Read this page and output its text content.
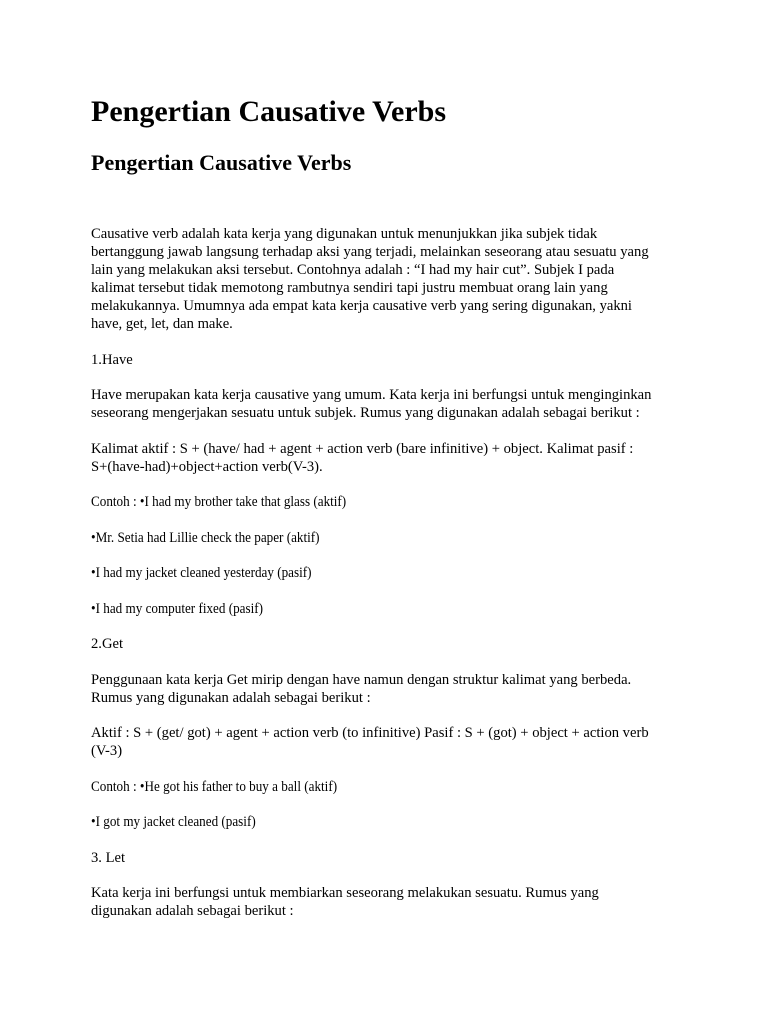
Pengertian Causative Verbs
Pengertian Causative Verbs

Causative verb adalah kata kerja yang digunakan untuk menunjukkan jika subjek tidak
bertanggung jawab langsung terhadap aksi yang terjadi, melainkan seseorang atau sesuatu yang
lain yang melakukan aksi tersebut. Contohnya adalah : “I had my hair cut”. Subjek I pada
kalimat tersebut tidak memotong rambutnya sendiri tapi justru membuat orang lain yang
melakukannya. Umumnya ada empat kata kerja causative verb yang sering digunakan, yakni
have, get, let, dan make.

1.Have

Have merupakan kata kerja causative yang umum. Kata kerja ini berfungsi untuk menginginkan
seseorang mengerjakan sesuatu untuk subjek. Rumus yang digunakan adalah sebagai berikut :

Kalimat aktif : S + (have/ had + agent + action verb (bare infinitive) + object. Kalimat pasif :
S+(have-had)+object+action verb(V-3).

Contoh : •I had my brother take that glass (aktif)

•Mr. Setia had Lillie check the paper (aktif)

•I had my jacket cleaned yesterday (pasif)

•I had my computer fixed (pasif)

2.Get

Penggunaan kata kerja Get mirip dengan have namun dengan struktur kalimat yang berbeda.
Rumus yang digunakan adalah sebagai berikut :

Aktif : S + (get/ got) + agent + action verb (to infinitive) Pasif : S + (got) + object + action verb
(V-3)

Contoh : •He got his father to buy a ball (aktif)

•I got my jacket cleaned (pasif)

3. Let

Kata kerja ini berfungsi untuk membiarkan seseorang melakukan sesuatu. Rumus yang
digunakan adalah sebagai berikut :
